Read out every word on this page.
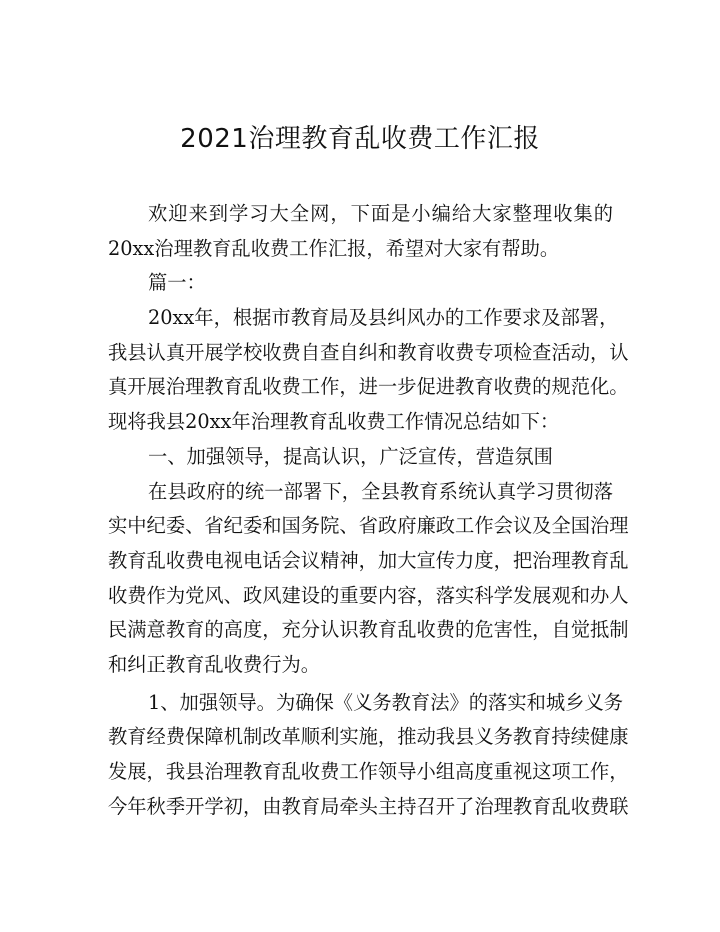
2021治理教育乱收费工作汇报
欢迎来到学习大全网，下面是小编给大家整理收集的
20xx治理教育乱收费工作汇报，希望对大家有帮助。
篇一：
20xx年，根据市教育局及县纠风办的工作要求及部署，
我县认真开展学校收费自查自纠和教育收费专项检查活动，认
真开展治理教育乱收费工作，进一步促进教育收费的规范化。
现将我县20xx年治理教育乱收费工作情况总结如下：
一、加强领导，提高认识，广泛宣传，营造氛围
在县政府的统一部署下，全县教育系统认真学习贯彻落
实中纪委、省纪委和国务院、省政府廉政工作会议及全国治理
教育乱收费电视电话会议精神，加大宣传力度，把治理教育乱
收费作为党风、政风建设的重要内容，落实科学发展观和办人
民满意教育的高度，充分认识教育乱收费的危害性，自觉抵制
和纠正教育乱收费行为。
1、加强领导。为确保《义务教育法》的落实和城乡义务
教育经费保障机制改革顺利实施，推动我县义务教育持续健康
发展，我县治理教育乱收费工作领导小组高度重视这项工作，
今年秋季开学初，由教育局牵头主持召开了治理教育乱收费联
